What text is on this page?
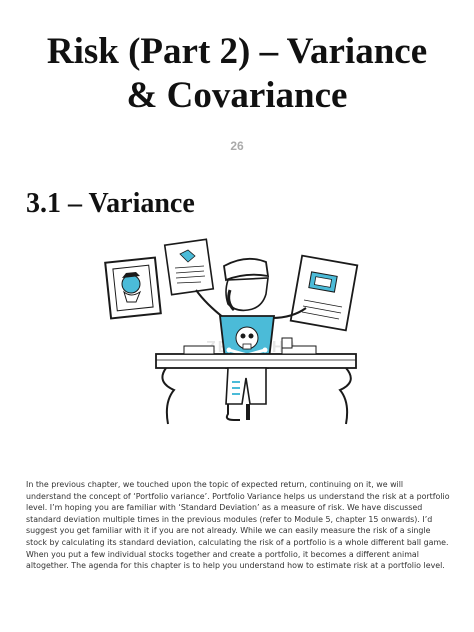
Risk (Part 2) – Variance
& Covariance
26
3.1 – Variance
In the previous chapter, we touched upon the topic of expected return, continuing on it, we will understand the concept of ‘Portfolio variance’. Portfolio Variance helps us understand the risk at a portfolio level. I’m hoping you are familiar with ‘Standard Deviation’ as a measure of risk. We have discussed standard deviation multiple times in the previous modules (refer to Module 5, chapter 15 onwards). I’d suggest you get familiar with it if you are not already. While we can easily measure the risk of a single stock by calculating its standard deviation, calculating the risk of a portfolio is a whole different ball game. When you put a few individual stocks together and create a portfolio, it becomes a different animal altogether. The agenda for this chapter is to help you understand how to estimate risk at a portfolio level.
